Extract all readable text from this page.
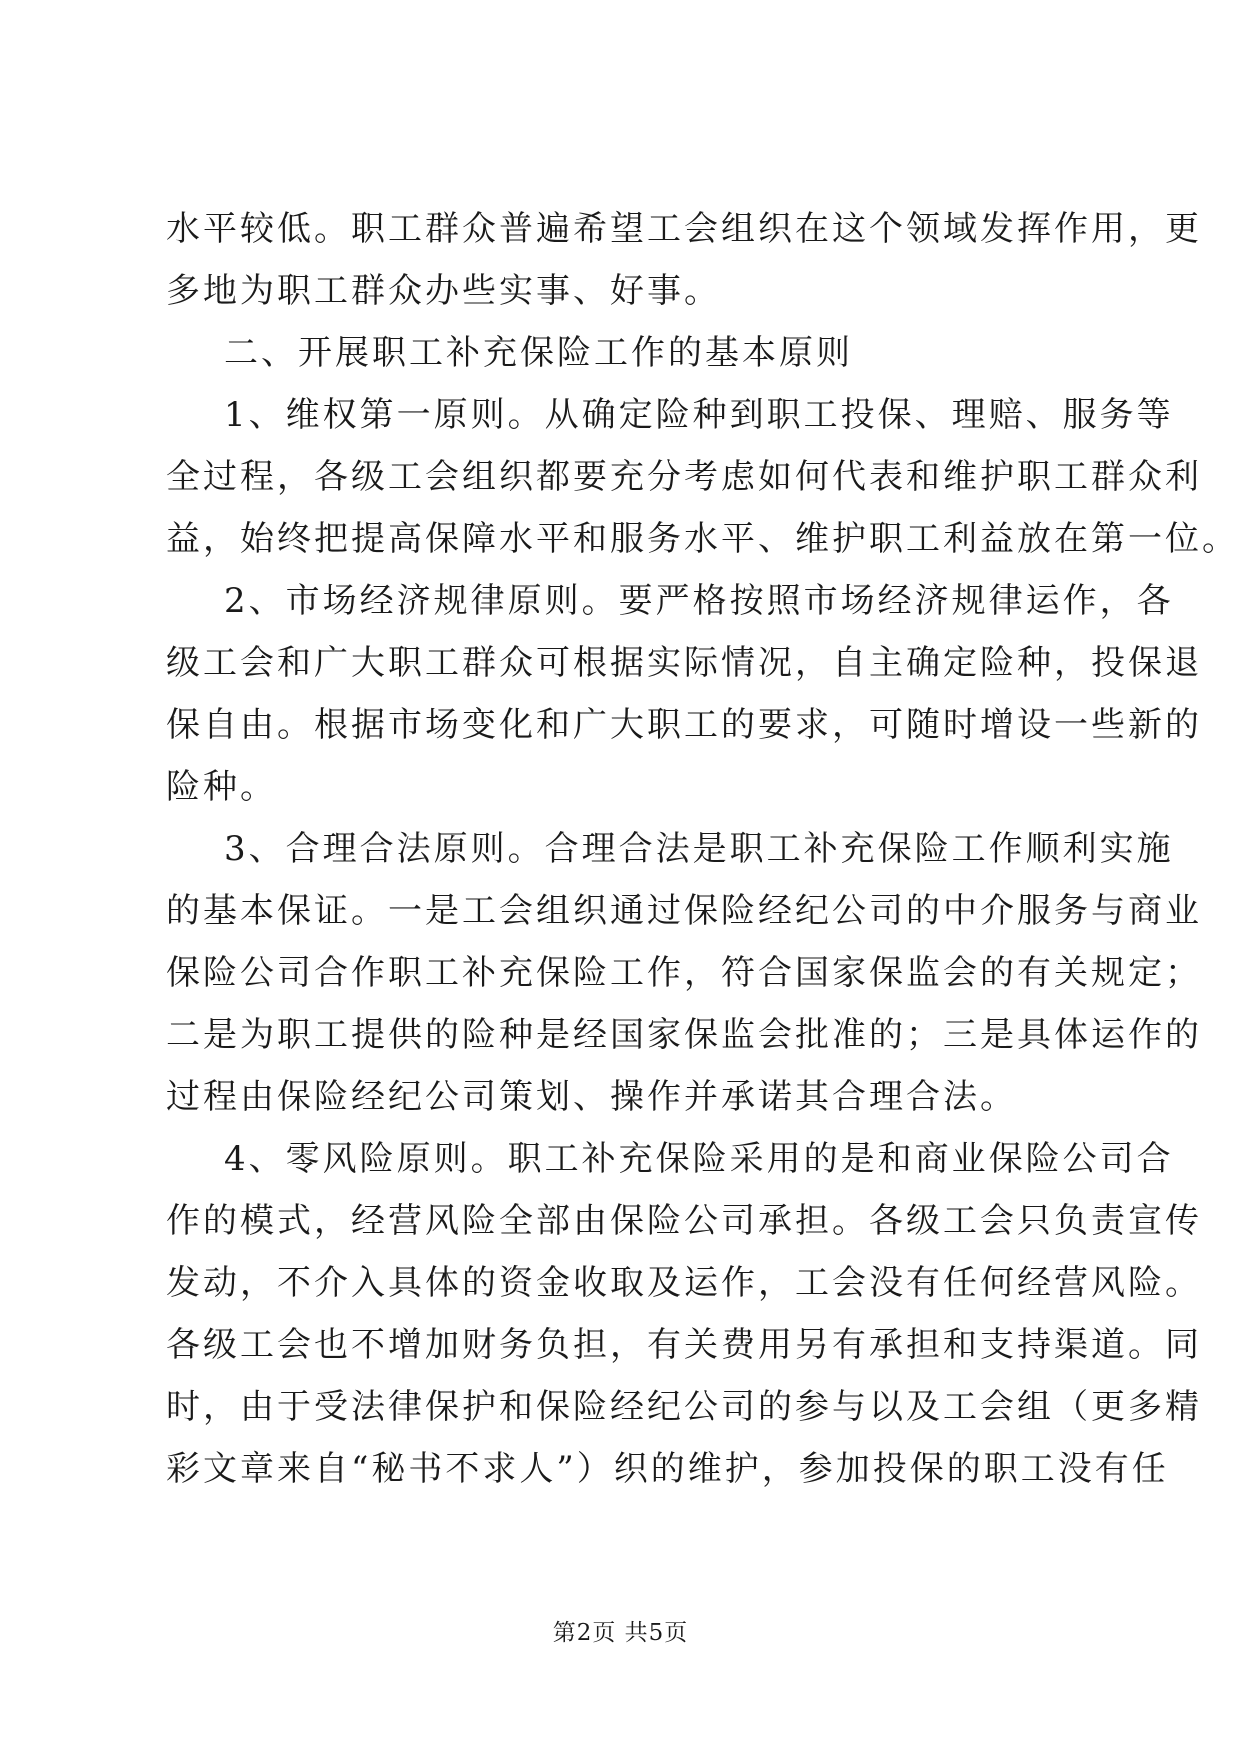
水平较低。职工群众普遍希望工会组织在这个领域发挥作用，更
多地为职工群众办些实事、好事。
二、开展职工补充保险工作的基本原则
1、维权第一原则。从确定险种到职工投保、理赔、服务等
全过程，各级工会组织都要充分考虑如何代表和维护职工群众利
益，始终把提高保障水平和服务水平、维护职工利益放在第一位。
2、市场经济规律原则。要严格按照市场经济规律运作，各
级工会和广大职工群众可根据实际情况，自主确定险种，投保退
保自由。根据市场变化和广大职工的要求，可随时增设一些新的
险种。
3、合理合法原则。合理合法是职工补充保险工作顺利实施
的基本保证。一是工会组织通过保险经纪公司的中介服务与商业
保险公司合作职工补充保险工作，符合国家保监会的有关规定；
二是为职工提供的险种是经国家保监会批准的；三是具体运作的
过程由保险经纪公司策划、操作并承诺其合理合法。
4、零风险原则。职工补充保险采用的是和商业保险公司合
作的模式，经营风险全部由保险公司承担。各级工会只负责宣传
发动，不介入具体的资金收取及运作，工会没有任何经营风险。
各级工会也不增加财务负担，有关费用另有承担和支持渠道。同
时，由于受法律保护和保险经纪公司的参与以及工会组（更多精
彩文章来自“秘书不求人”）织的维护，参加投保的职工没有任
第2页 共5页
